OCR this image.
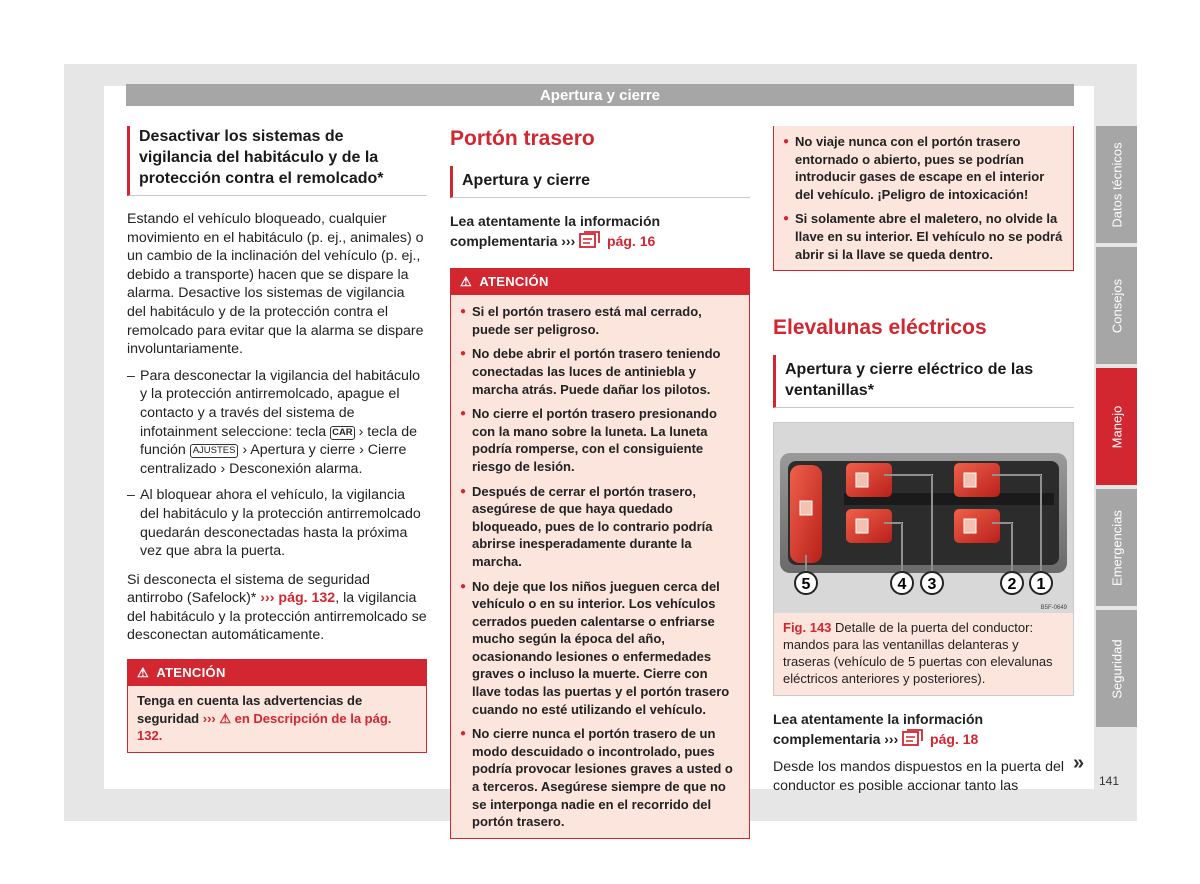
Apertura y cierre
Desactivar los sistemas de vigilancia del habitáculo y de la protección contra el remolcado*

Estando el vehículo bloqueado, cualquier movimiento en el habitáculo (p. ej., animales) o un cambio de la inclinación del vehículo (p. ej., debido a transporte) hacen que se dispare la alarma. Desactive los sistemas de vigilancia del habitáculo y de la protección contra el remolcado para evitar que la alarma se dispare involuntariamente.

– Para desconectar la vigilancia del habitáculo y la protección antirremolcado, apague el contacto y a través del sistema de infotainment seleccione: tecla CAR › tecla de función AJUSTES › Apertura y cierre › Cierre centralizado › Desconexión alarma.
– Al bloquear ahora el vehículo, la vigilancia del habitáculo y la protección antirremolcado quedarán desconectadas hasta la próxima vez que abra la puerta.

Si desconecta el sistema de seguridad antirrobo (Safelock)* ››› pág. 132, la vigilancia del habitáculo y la protección antirremolcado se desconectan automáticamente.

⚠ ATENCIÓN
Tenga en cuenta las advertencias de seguridad ››› ⚠ en Descripción de la pág. 132.
Portón trasero
Apertura y cierre

Lea atentamente la información complementaria ››› pág. 16

⚠ ATENCIÓN
● Si el portón trasero está mal cerrado, puede ser peligroso.
● No debe abrir el portón trasero teniendo conectadas las luces de antiniebla y marcha atrás. Puede dañar los pilotos.
● No cierre el portón trasero presionando con la mano sobre la luneta. La luneta podría romperse, con el consiguiente riesgo de lesión.
● Después de cerrar el portón trasero, asegúrese de que haya quedado bloqueado, pues de lo contrario podría abrirse inesperadamente durante la marcha.
● No deje que los niños jueguen cerca del vehículo o en su interior. Los vehículos cerrados pueden calentarse o enfriarse mucho según la época del año, ocasionando lesiones o enfermedades graves o incluso la muerte. Cierre con llave todas las puertas y el portón trasero cuando no esté utilizando el vehículo.
● No cierre nunca el portón trasero de un modo descuidado o incontrolado, pues podría provocar lesiones graves a usted o a terceros. Asegúrese siempre de que no se interponga nadie en el recorrido del portón trasero.
● No viaje nunca con el portón trasero entornado o abierto, pues se podrían introducir gases de escape en el interior del vehículo. ¡Peligro de intoxicación!
● Si solamente abre el maletero, no olvide la llave en su interior. El vehículo no se podrá abrir si la llave se queda dentro.
Elevalunas eléctricos
Apertura y cierre eléctrico de las ventanillas*
5	4 3	2 1
B5F-0649
Fig. 143 Detalle de la puerta del conductor: mandos para las ventanillas delanteras y traseras (vehículo de 5 puertas con elevalunas eléctricos anteriores y posteriores).

Lea atentamente la información complementaria ››› pág. 18

Desde los mandos dispuestos en la puerta del conductor es posible accionar tanto las

Datos técnicos
Consejos
Manejo
Emergencias
Seguridad
»
141
